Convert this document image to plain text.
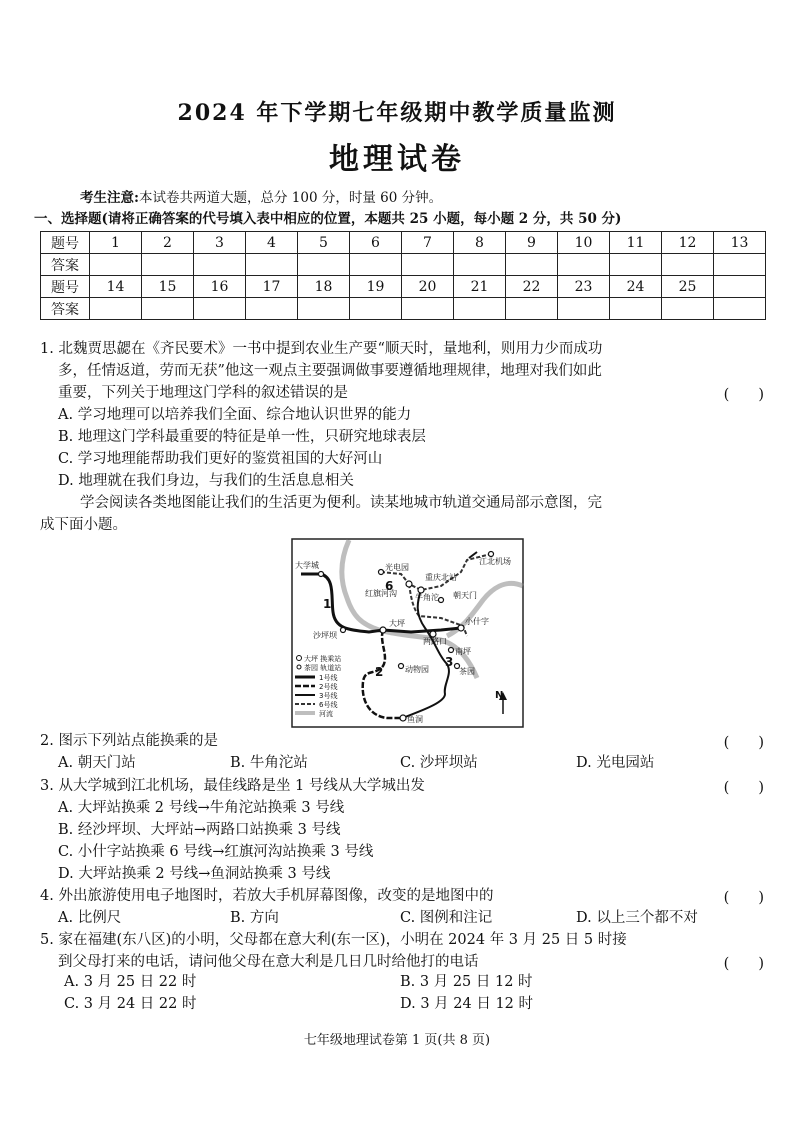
2024 年下学期七年级期中教学质量监测
地理试卷
考生注意:本试卷共两道大题，总分 100 分，时量 60 分钟。
一、选择题(请将正确答案的代号填入表中相应的位置，本题共 25 小题，每小题 2 分，共 50 分)
题号	1	2	3	4	5	6	7	8	9	10	11	12	13
答案													
题号	14	15	16	17	18	19	20	21	22	23	24	25	
答案													
1. 北魏贾思勰在《齐民要术》一书中提到农业生产要“顺天时，量地利，则用力少而成功
多，任情返道，劳而无获”他这一观点主要强调做事要遵循地理规律，地理对我们如此
重要，下列关于地理这门学科的叙述错误的是	(　　)
A. 学习地理可以培养我们全面、综合地认识世界的能力
B. 地理这门学科最重要的特征是单一性，只研究地球表层
C. 学习地理能帮助我们更好的鉴赏祖国的大好河山
D. 地理就在我们身边，与我们的生活息息相关
学会阅读各类地图能让我们的生活更为便利。读某地城市轨道交通局部示意图，完
成下面小题。
大学城	光电园
江北机场
重庆北站
红旗河沟 牛角沱 朝天门
小什字
沙坪坝
大坪
两路口
南坪
动物园	茶园
鱼洞
1
6
2
3
大坪 换乘站
茶园 轨道站
1号线
2号线
3号线
6号线
河流
N
2. 图示下列站点能换乘的是	(　　)
A. 朝天门站	B. 牛角沱站	C. 沙坪坝站	D. 光电园站
3. 从大学城到江北机场，最佳线路是坐 1 号线从大学城出发	(　　)
A. 大坪站换乘 2 号线→牛角沱站换乘 3 号线
B. 经沙坪坝、大坪站→两路口站换乘 3 号线
C. 小什字站换乘 6 号线→红旗河沟站换乘 3 号线
D. 大坪站换乘 2 号线→鱼洞站换乘 3 号线
4. 外出旅游使用电子地图时，若放大手机屏幕图像，改变的是地图中的	(　　)
A. 比例尺	B. 方向	C. 图例和注记	D. 以上三个都不对
5. 家在福建(东八区)的小明，父母都在意大利(东一区)，小明在 2024 年 3 月 25 日 5 时接
到父母打来的电话，请问他父母在意大利是几日几时给他打的电话	(　　)
A. 3 月 25 日 22 时	B. 3 月 25 日 12 时
C. 3 月 24 日 22 时	D. 3 月 24 日 12 时
七年级地理试卷第 1 页(共 8 页)
